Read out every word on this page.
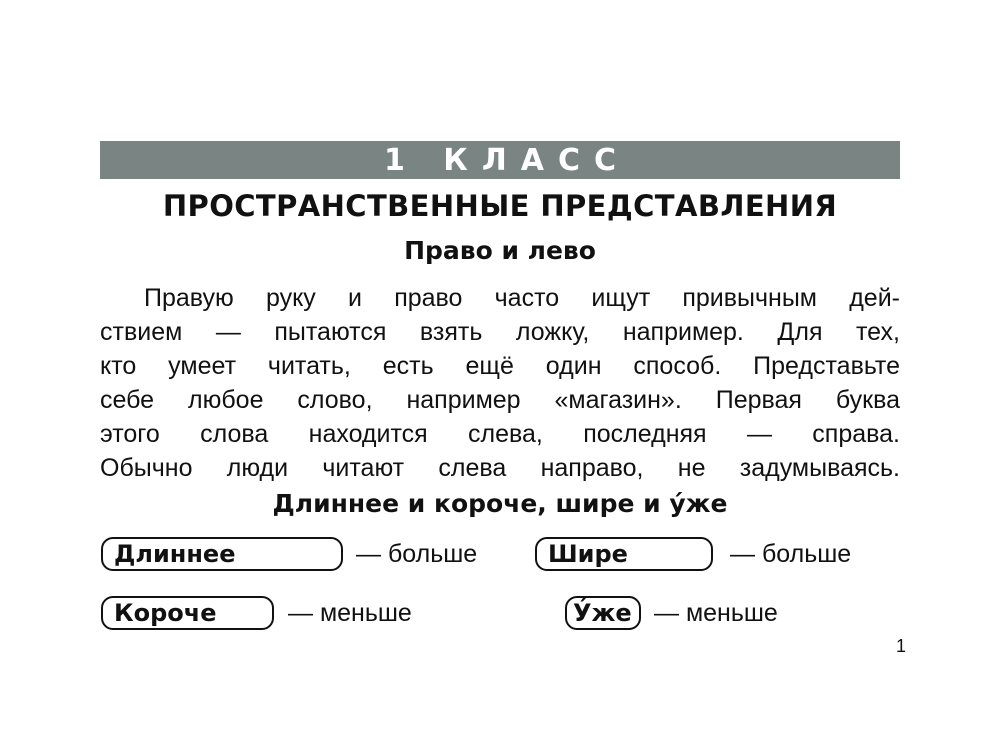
1 КЛАСС
ПРОСТРАНСТВЕННЫЕ ПРЕДСТАВЛЕНИЯ
Право и лево
Правую руку и право часто ищут привычным дей-
ствием — пытаются взять ложку, например. Для тех,
кто умеет читать, есть ещё один способ. Представьте
себе любое слово, например «магазин». Первая буква
этого слова находится слева, последняя — справа.
Обычно люди читают слева направо, не задумываясь.
Длиннее и короче, шире и у́же
Длиннее	— больше	Шире	— больше
Короче	— меньше	У́же — меньше
1
